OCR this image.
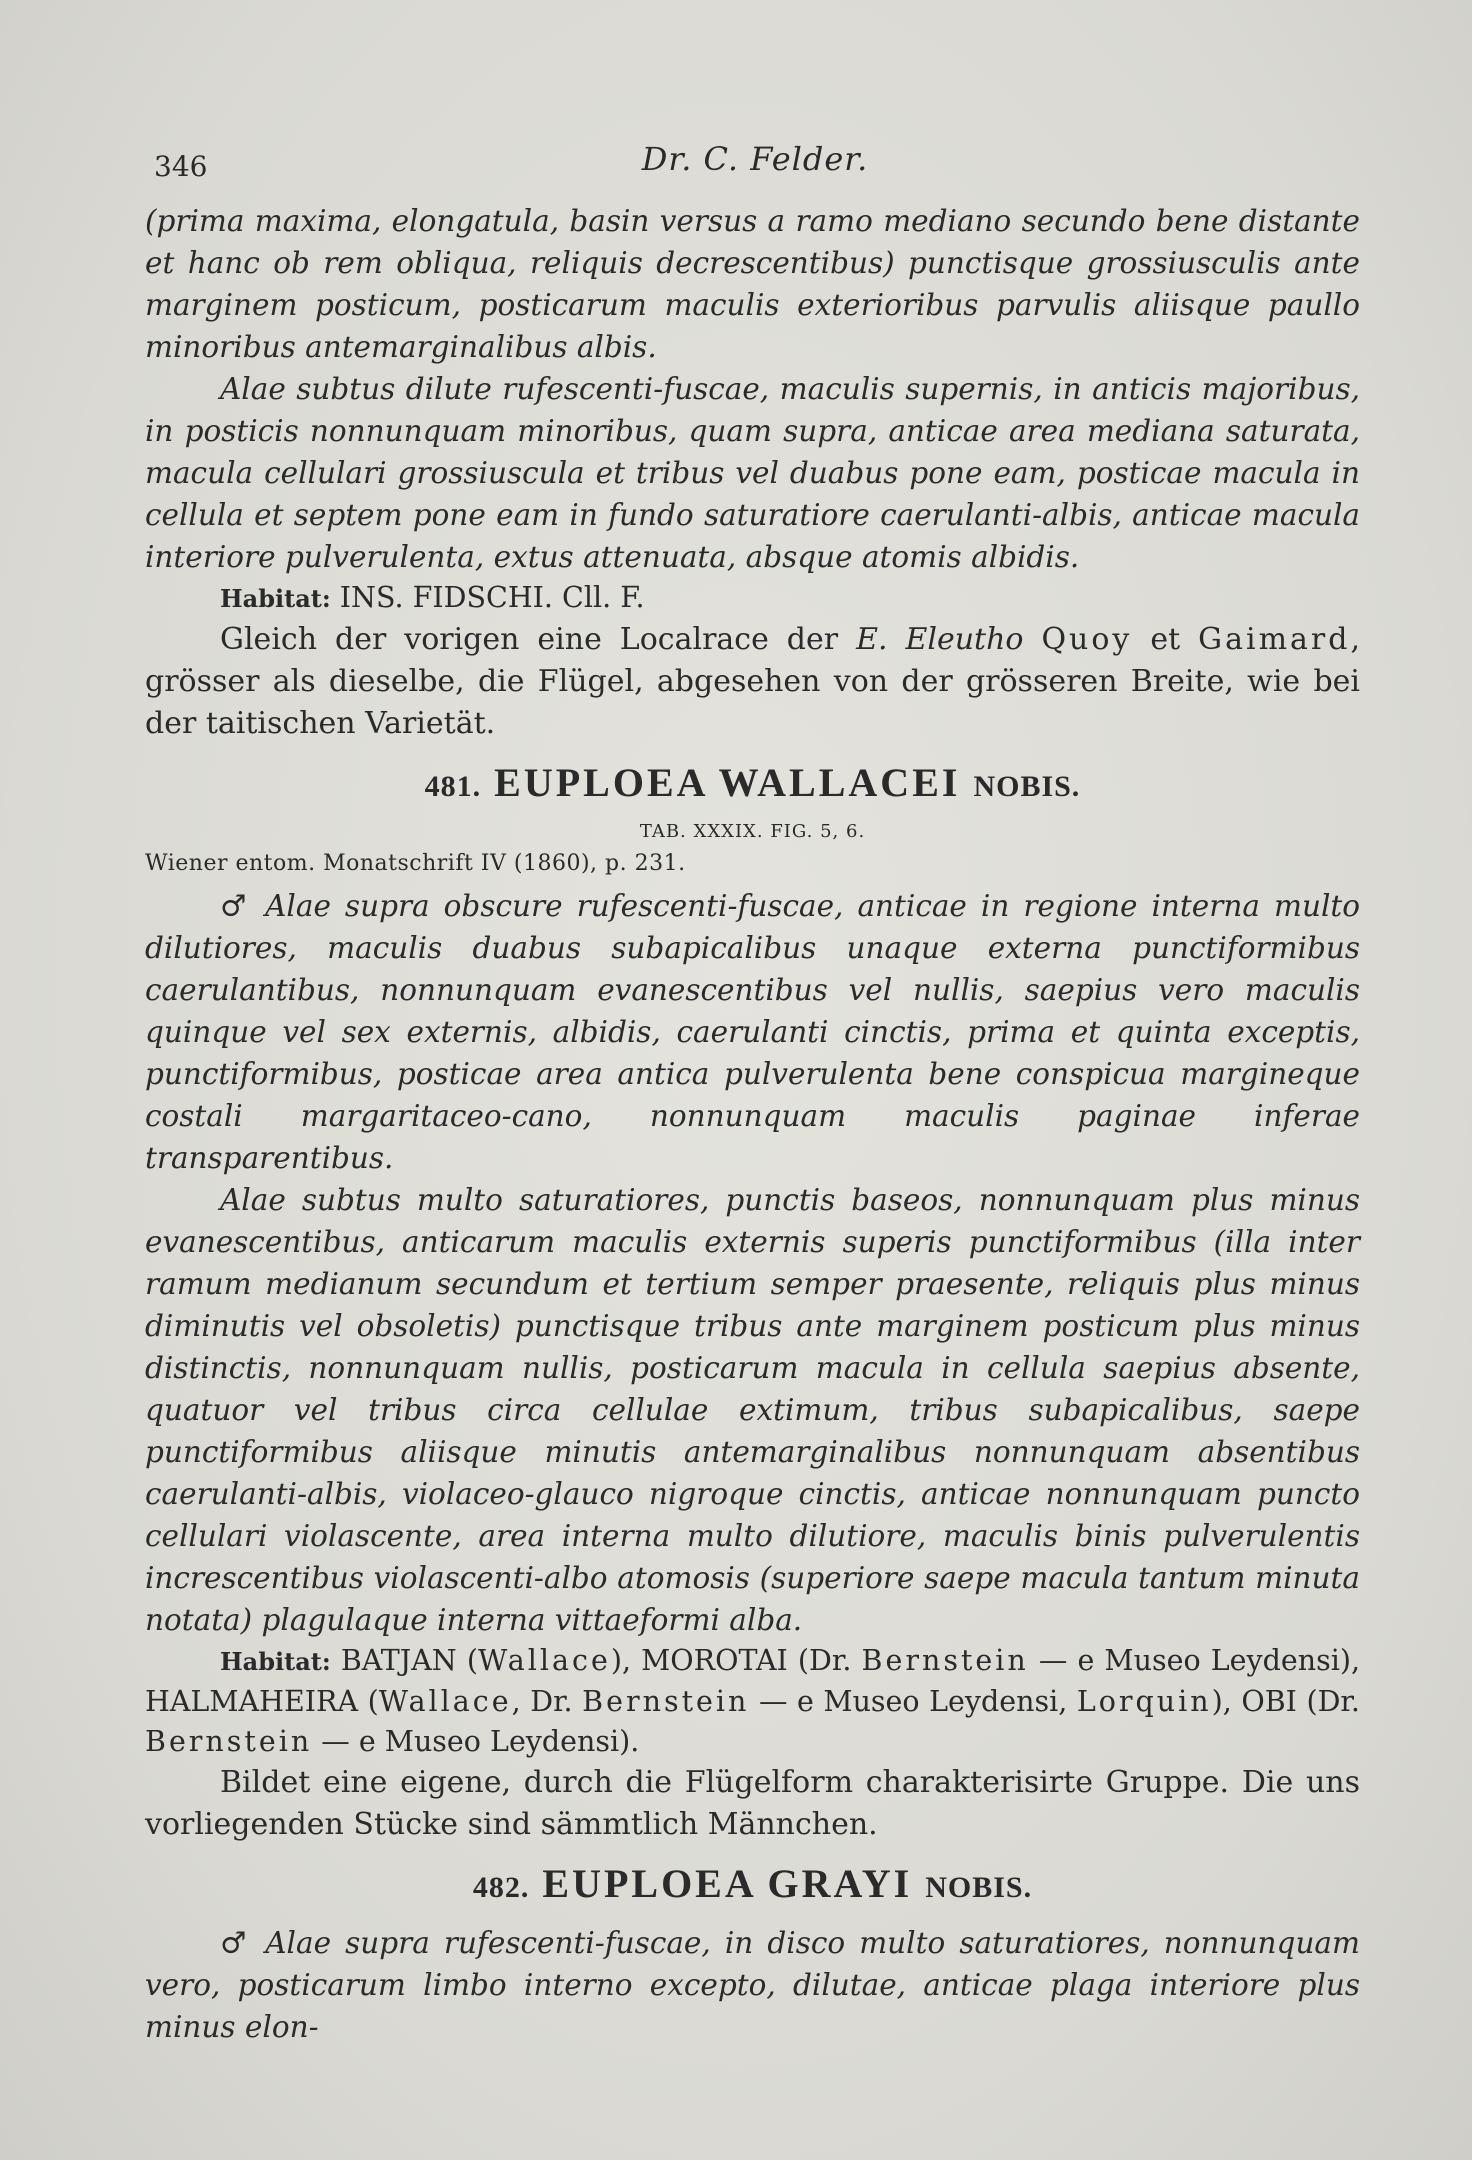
346	Dr. C. Felder.

(prima maxima, elongatula, basin versus a ramo mediano secundo bene distante et hanc ob rem obliqua, reliquis decrescentibus) punctisque grossiusculis ante marginem posticum, posticarum maculis exterioribus parvulis aliisque paullo minoribus antemarginalibus albis.

Alae subtus dilute rufescenti-fuscae, maculis supernis, in anticis majoribus, in posticis nonnunquam minoribus, quam supra, anticae area mediana saturata, macula cellulari grossiuscula et tribus vel duabus pone eam, posticae macula in cellula et septem pone eam in fundo saturatiore caerulanti-albis, anticae macula interiore pulverulenta, extus attenuata, absque atomis albidis.

Habitat: INS. FIDSCHI. Cll. F.

Gleich der vorigen eine Localrace der E. Eleutho Quoy et Gaimard, grösser als dieselbe, die Flügel, abgesehen von der grösseren Breite, wie bei der taitischen Varietät.

481. EUPLOEA WALLACEI NOBIS.
TAB. XXXIX. FIG. 5, 6.

Wiener entom. Monatschrift IV (1860), p. 231.

♂ Alae supra obscure rufescenti-fuscae, anticae in regione interna multo dilutiores, maculis duabus subapicalibus unaque externa punctiformibus caerulantibus, nonnunquam evanescentibus vel nullis, saepius vero maculis quinque vel sex externis, albidis, caerulanti cinctis, prima et quinta exceptis, punctiformibus, posticae area antica pulverulenta bene conspicua margineque costali margaritaceo-cano, nonnunquam maculis paginae inferae transparentibus.

Alae subtus multo saturatiores, punctis baseos, nonnunquam plus minus evanescentibus, anticarum maculis externis superis punctiformibus (illa inter ramum medianum secundum et tertium semper praesente, reliquis plus minus diminutis vel obsoletis) punctisque tribus ante marginem posticum plus minus distinctis, nonnunquam nullis, posticarum macula in cellula saepius absente, quatuor vel tribus circa cellulae extimum, tribus subapicalibus, saepe punctiformibus aliisque minutis antemarginalibus nonnunquam absentibus caerulanti-albis, violaceo-glauco nigroque cinctis, anticae nonnunquam puncto cellulari violascente, area interna multo dilutiore, maculis binis pulverulentis increscentibus violascenti-albo atomosis (superiore saepe macula tantum minuta notata) plagulaque interna vittaeformi alba.

Habitat: BATJAN (Wallace), MOROTAI (Dr. Bernstein — e Museo Leydensi), HALMAHEIRA (Wallace, Dr. Bernstein — e Museo Leydensi, Lorquin), OBI (Dr. Bernstein — e Museo Leydensi).

Bildet eine eigene, durch die Flügelform charakterisirte Gruppe. Die uns vorliegenden Stücke sind sämmtlich Männchen.

482. EUPLOEA GRAYI NOBIS.

♂ Alae supra rufescenti-fuscae, in disco multo saturatiores, nonnunquam vero, posticarum limbo interno excepto, dilutae, anticae plaga interiore plus minus elon-
